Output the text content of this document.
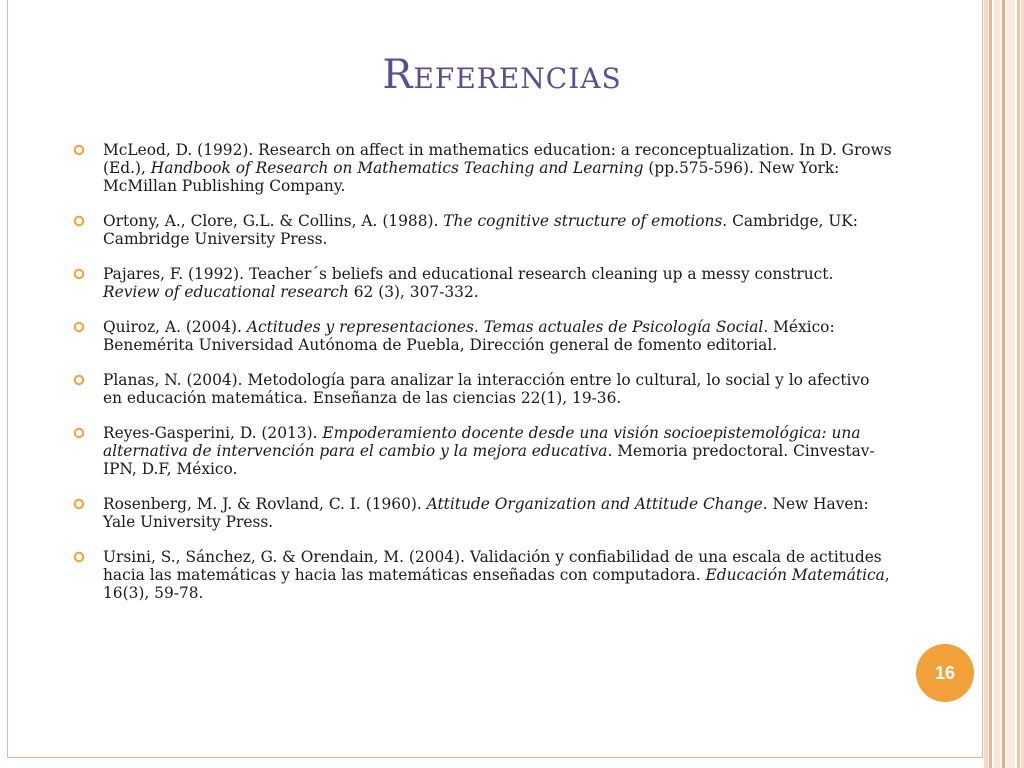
Referencias
McLeod, D. (1992). Research on affect in mathematics education: a reconceptualization. In D. Grows (Ed.), Handbook of Research on Mathematics Teaching and Learning (pp.575-596). New York: McMillan Publishing Company.
Ortony, A., Clore, G.L. & Collins, A. (1988). The cognitive structure of emotions. Cambridge, UK: Cambridge University Press.
Pajares, F. (1992). Teacher´s beliefs and educational research cleaning up a messy construct. Review of educational research 62 (3), 307-332.
Quiroz, A. (2004). Actitudes y representaciones. Temas actuales de Psicología Social. México: Benemérita Universidad Autónoma de Puebla, Dirección general de fomento editorial.
Planas, N. (2004). Metodología para analizar la interacción entre lo cultural, lo social y lo afectivo en educación matemática. Enseñanza de las ciencias 22(1), 19-36.
Reyes-Gasperini, D. (2013). Empoderamiento docente desde una visión socioepistemológica: una alternativa de intervención para el cambio y la mejora educativa. Memoria predoctoral. Cinvestav-IPN, D.F, México.
Rosenberg, M. J. & Rovland, C. I. (1960). Attitude Organization and Attitude Change. New Haven: Yale University Press.
Ursini, S., Sánchez, G. & Orendain, M. (2004). Validación y confiabilidad de una escala de actitudes hacia las matemáticas y hacia las matemáticas enseñadas con computadora. Educación Matemática, 16(3), 59-78.
16
